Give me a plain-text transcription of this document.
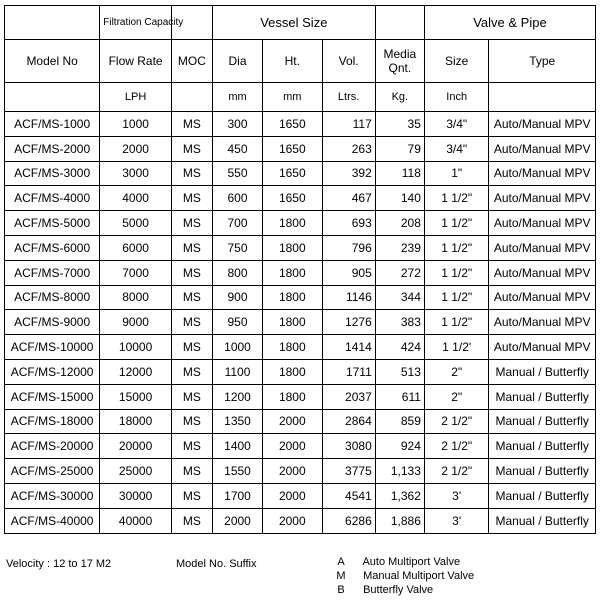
	Filtration Capacity		Vessel Size				Valve & Pipe	
Model No	Flow Rate	MOC	Dia	Ht.	Vol.	Media Qnt.	Size	Type
	LPH		mm	mm	Ltrs.	Kg.	Inch	
ACF/MS-1000	1000	MS	300	1650	117	35	3/4"	Auto/Manual MPV
ACF/MS-2000	2000	MS	450	1650	263	79	3/4"	Auto/Manual MPV
ACF/MS-3000	3000	MS	550	1650	392	118	1"	Auto/Manual MPV
ACF/MS-4000	4000	MS	600	1650	467	140	1 1/2"	Auto/Manual MPV
ACF/MS-5000	5000	MS	700	1800	693	208	1 1/2"	Auto/Manual MPV
ACF/MS-6000	6000	MS	750	1800	796	239	1 1/2"	Auto/Manual MPV
ACF/MS-7000	7000	MS	800	1800	905	272	1 1/2"	Auto/Manual MPV
ACF/MS-8000	8000	MS	900	1800	1146	344	1 1/2"	Auto/Manual MPV
ACF/MS-9000	9000	MS	950	1800	1276	383	1 1/2"	Auto/Manual MPV
ACF/MS-10000	10000	MS	1000	1800	1414	424	1 1/2'	Auto/Manual MPV
ACF/MS-12000	12000	MS	1100	1800	1711	513	2"	Manual / Butterfly
ACF/MS-15000	15000	MS	1200	1800	2037	611	2"	Manual / Butterfly
ACF/MS-18000	18000	MS	1350	2000	2864	859	2 1/2"	Manual / Butterfly
ACF/MS-20000	20000	MS	1400	2000	3080	924	2 1/2"	Manual / Butterfly
ACF/MS-25000	25000	MS	1550	2000	3775	1,133	2 1/2"	Manual / Butterfly
ACF/MS-30000	30000	MS	1700	2000	4541	1,362	3'	Manual / Butterfly
ACF/MS-40000	40000	MS	2000	2000	6286	1,886	3'	Manual / Butterfly
Velocity : 12 to 17 M2	Model No. Suffix	A Auto Multiport Valve
M Manual Multiport Valve
B Butterfly Valve
